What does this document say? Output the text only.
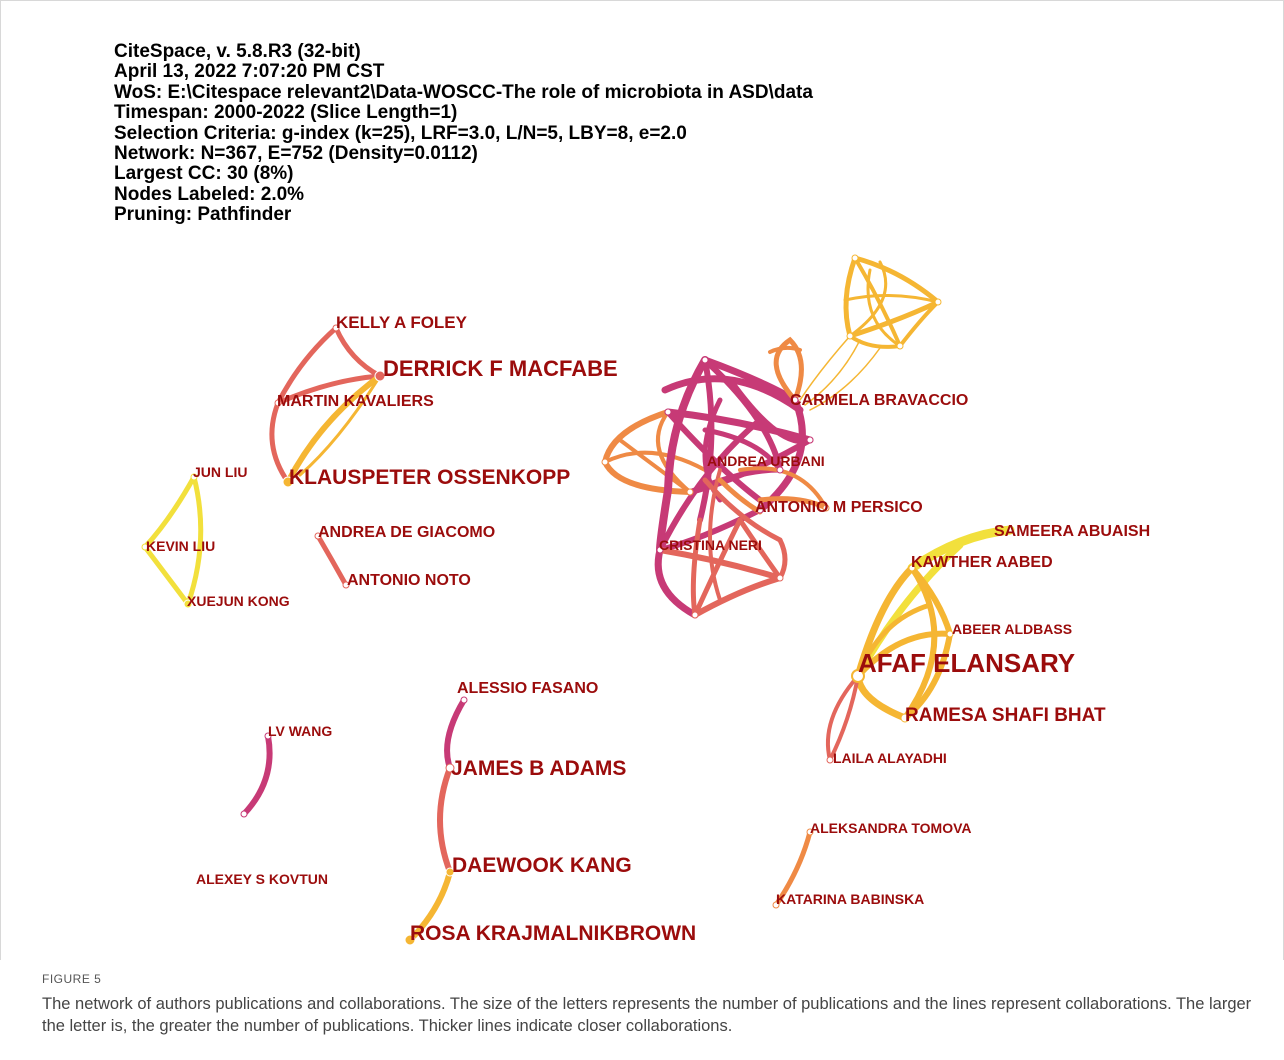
KELLY A FOLEY
DERRICK F MACFABE
MARTIN KAVALIERS
KLAUSPETER OSSENKOPP
JUN LIU
KEVIN LIU
XUEJUN KONG
ANDREA DE GIACOMO
ANTONIO NOTO
CARMELA BRAVACCIO
ANDREA URBANI
ANTONIO M PERSICO
CRISTINA NERI
SAMEERA ABUAISH
KAWTHER AABED
ABEER ALDBASS
AFAF ELANSARY
RAMESA SHAFI BHAT
LAILA ALAYADHI
ALESSIO FASANO
LV WANG
JAMES B ADAMS
DAEWOOK KANG
ROSA KRAJMALNIKBROWN
ALEXEY S KOVTUN
ALEKSANDRA TOMOVA
KATARINA BABINSKA
CiteSpace, v. 5.8.R3 (32-bit)
April 13, 2022 7:07:20 PM CST
WoS: E:\Citespace relevant2\Data-WOSCC-The role of microbiota in ASD\data
Timespan: 2000-2022 (Slice Length=1)
Selection Criteria: g-index (k=25), LRF=3.0, L/N=5, LBY=8, e=2.0
Network: N=367, E=752 (Density=0.0112)
Largest CC: 30 (8%)
Nodes Labeled: 2.0%
Pruning: Pathfinder
FIGURE 5
The network of authors publications and collaborations. The size of the letters represents the number of publications and the lines represent collaborations. The larger the letter is, the greater the number of publications. Thicker lines indicate closer collaborations.
